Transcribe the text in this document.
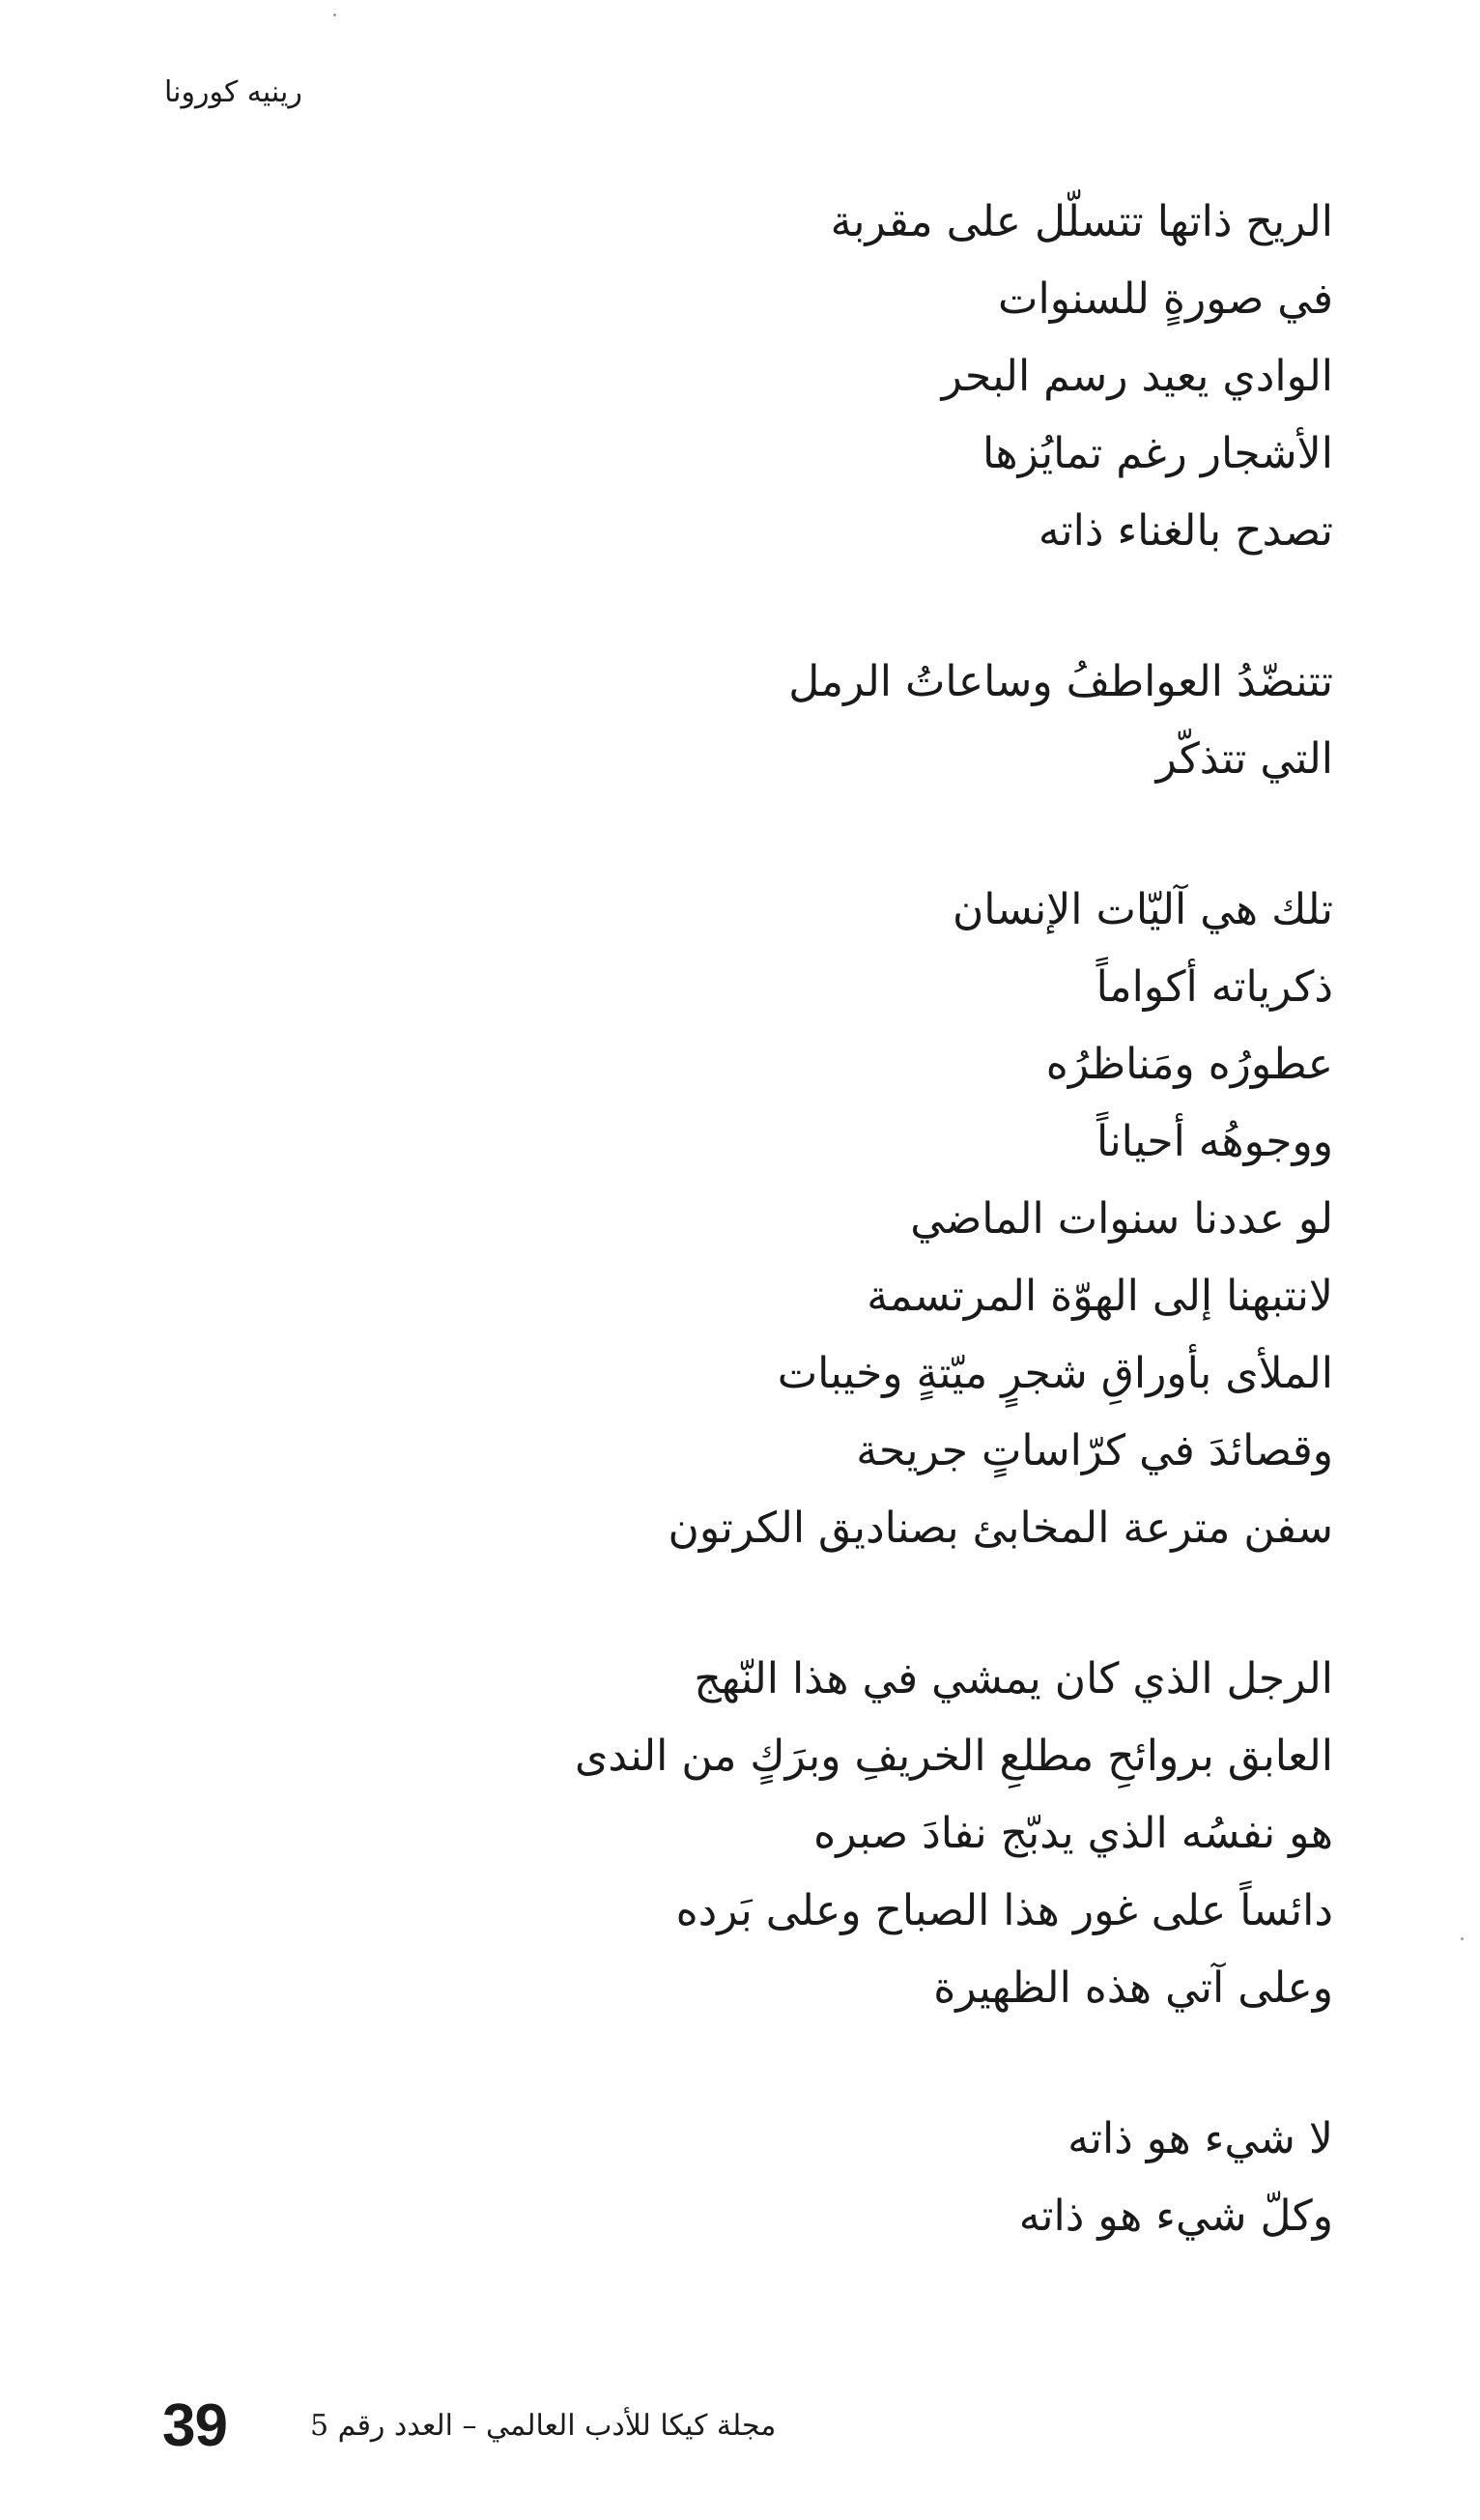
رينيه كورونا
الريح ذاتها تتسلّل على مقربة
في صورةٍ للسنوات
الوادي يعيد رسم البحر
الأشجار رغم تمايُزها
تصدح بالغناء ذاته
تتنضّدُ العواطفُ وساعاتُ الرمل
التي تتذكّر
تلك هي آليّات الإنسان
ذكرياته أكواماً
عطورُه ومَناظرُه
ووجوهُه أحياناً
لو عددنا سنوات الماضي
لانتبهنا إلى الهوّة المرتسمة
الملأى بأوراقِ شجرٍ ميّتةٍ وخيبات
وقصائدَ في كرّاساتٍ جريحة
سفن مترعة المخابئ بصناديق الكرتون
الرجل الذي كان يمشي في هذا النّهج
العابق بروائحِ مطلعِ الخريفِ وبرَكٍ من الندى
هو نفسُه الذي يدبّج نفادَ صبره
دائساً على غور هذا الصباح وعلى بَرده
وعلى آتي هذه الظهيرة
لا شيء هو ذاته
وكلّ شيء هو ذاته
39	مجلة كيكا للأدب العالمي – العدد رقم 5
